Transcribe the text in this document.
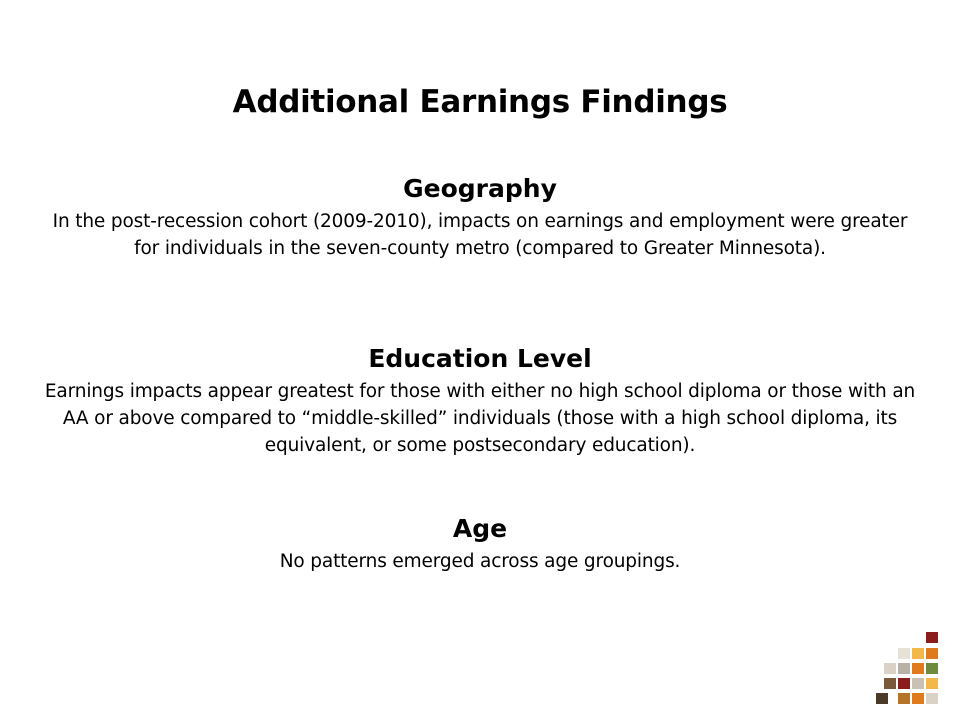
Additional Earnings Findings
Geography

In the post-recession cohort (2009-2010), impacts on earnings and employment were greater for individuals in the seven-county metro (compared to Greater Minnesota).

Education Level

Earnings impacts appear greatest for those with either no high school diploma or those with an AA or above compared to “middle-skilled” individuals (those with a high school diploma, its equivalent, or some postsecondary education).

Age

No patterns emerged across age groupings.
